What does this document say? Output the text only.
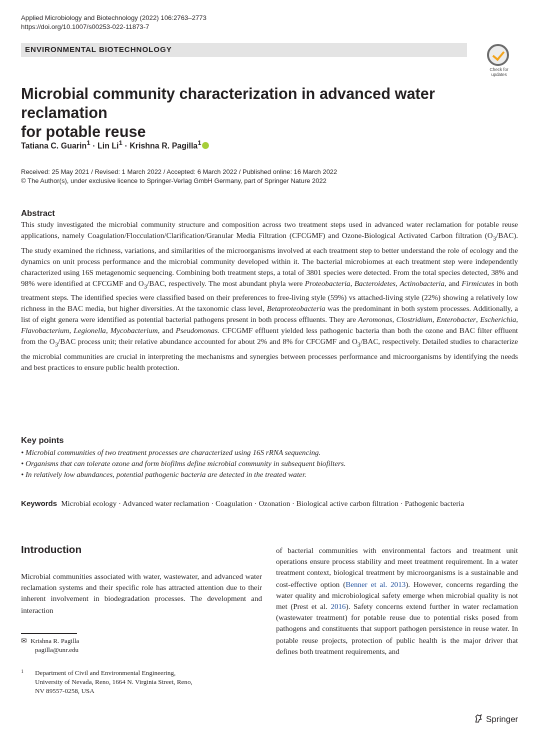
Applied Microbiology and Biotechnology (2022) 106:2763–2773
https://doi.org/10.1007/s00253-022-11873-7
ENVIRONMENTAL BIOTECHNOLOGY
Check for
updates
Microbial community characterization in advanced water reclamation
for potable reuse
Tatiana C. Guarin$^1$ · Lin $Li^1$ · Krishna R. Pagilla$^1$
Received: 25 May 2021 / Revised: 1 March 2022 / Accepted: 6 March 2022 / Published online: 16 March 2022
© The Author(s), under exclusive licence to Springer-Verlag GmbH Germany, part of Springer Nature 2022
Abstract
This study investigated the microbial community structure and composition across two treatment steps used in advanced water reclamation for potable reuse applications, namely Coagulation/Flocculation/Clarification/Granular Media Filtration (CFCGMF) and Ozone-Biological Activated Carbon filtration $(O_3/BAC)$. The study examined the richness, variations, and similarities of the microorganisms involved at each treatment step to better understand the role of ecology and the dynamics on unit process performance and the microbial community developed within it. The bacterial microbiomes at each treatment step were independently characterized using 16S metagenomic sequencing. Combining both treatment steps, a total of 3801 species were detected. From the total species detected, 38% and 98% were identified at CFCGMF and $O_3$/BAC, respectively. The most abundant phyla were Proteobacteria, Bacteroidetes, Actinobacteria, and Firmicutes in both treatment steps. The identified species were classified based on their preferences to free-living style (59%) vs attached-living style (22%) showing a relatively low richness in the BAC media, but higher diversities. At the taxonomic class level, Betaproteobacteria was the predominant in both system processes. Additionally, a list of eight genera were identified as potential bacterial pathogens present in both process effluents. They are Aeromonas, Clostridium, Enterobacter, Escherichia, Flavobacterium, Legionella, Mycobacterium, and Pseudomonas. CFCGMF effluent yielded less pathogenic bacteria than both the ozone and BAC filter effluent from the $O_3$/BAC process unit; their relative abundance accounted for about 2% and 8% for CFCGMF and $O_3$/BAC, respectively. Detailed studies to characterize the microbial communities are crucial in interpreting the mechanisms and synergies between processes performance and microorganisms by identifying the needs and best practices to ensure public health protection.
Key points
• Microbial communities of two treatment processes are characterized using 16S rRNA sequencing.
• Organisms that can tolerate ozone and form biofilms define microbial community in subsequent biofilters.
• In relatively low abundances, potential pathogenic bacteria are detected in the treated water.
Keywords Microbial ecology · Advanced water reclamation · Coagulation · Ozonation · Biological active carbon filtration · Pathogenic bacteria
Introduction
Microbial communities associated with water, wastewater, and advanced water reclamation systems and their specific role has attracted attention due to their inherent involvement in biodegradation processes. The development and interaction
of bacterial communities with environmental factors and treatment unit operations ensure process stability and meet treatment requirement. In a water treatment context, biological treatment by microorganisms is a sustainable and cost-effective option (Benner et al. 2013). However, concerns regarding the water quality and microbiological safety emerge when microbial quality is not met (Prest et al. 2016). Safety concerns extend further in water reclamation (wastewater treatment) for potable reuse due to potential risks posed from pathogens and constituents that support pathogen persistence in reuse water. In potable reuse projects, protection of public health is the major driver that defines both treatment requirements, and
✉ Krishna R. Pagilla
pagilla@unr.edu
1 Department of Civil and Environmental Engineering,
University of Nevada, Reno, 1664 N. Virginia Street, Reno,
NV 89557-0258, USA
Springer
